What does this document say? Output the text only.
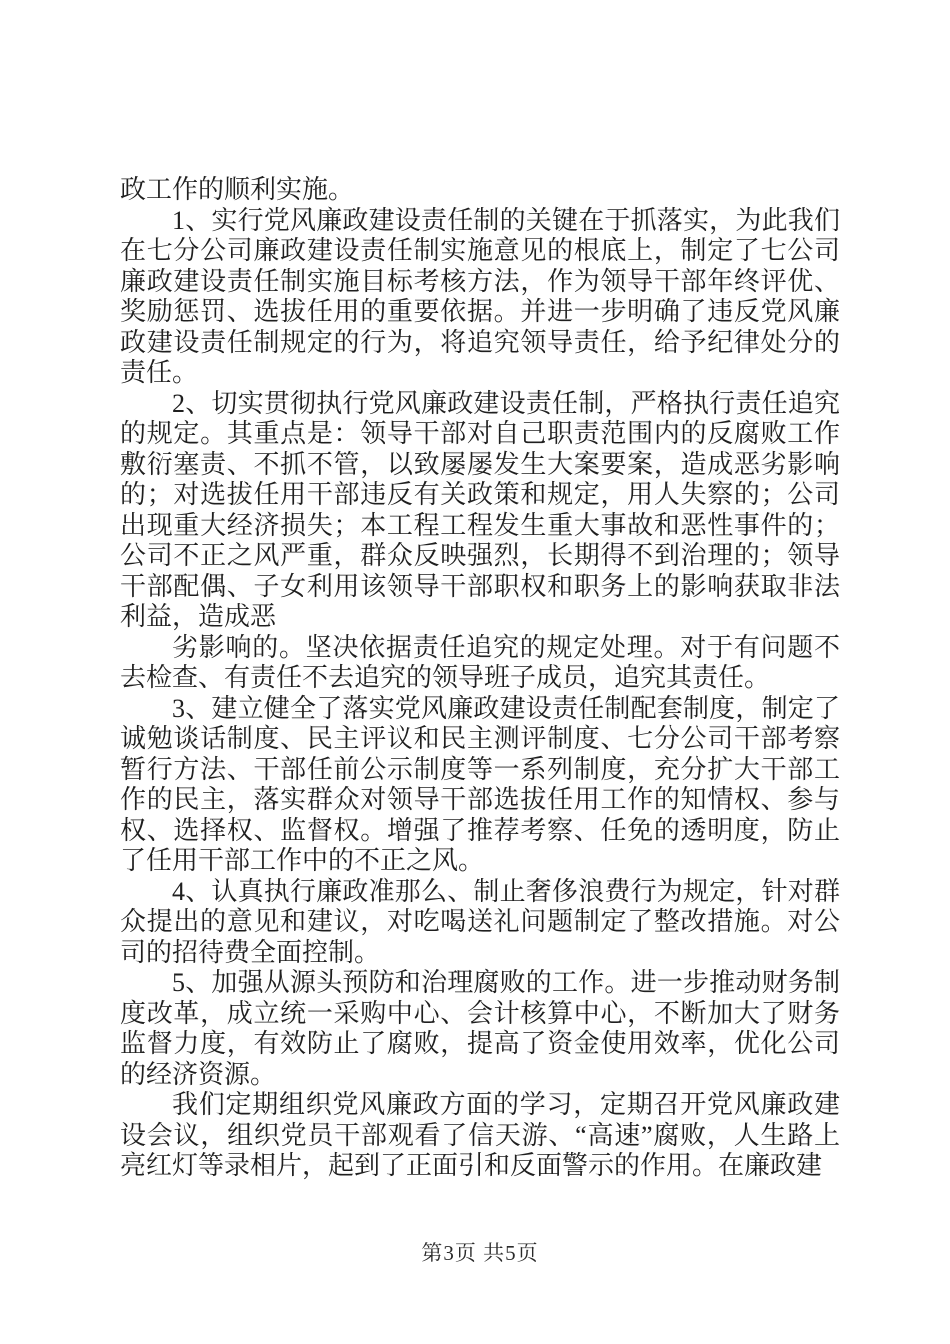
政工作的顺利实施。

1、实行党风廉政建设责任制的关键在于抓落实，为此我们在七分公司廉政建设责任制实施意见的根底上，制定了七公司廉政建设责任制实施目标考核方法，作为领导干部年终评优、奖励惩罚、选拔任用的重要依据。并进一步明确了违反党风廉政建设责任制规定的行为，将追究领导责任，给予纪律处分的责任。

2、切实贯彻执行党风廉政建设责任制，严格执行责任追究的规定。其重点是：领导干部对自己职责范围内的反腐败工作敷衍塞责、不抓不管，以致屡屡发生大案要案，造成恶劣影响的；对选拔任用干部违反有关政策和规定，用人失察的；公司出现重大经济损失；本工程工程发生重大事故和恶性事件的；公司不正之风严重，群众反映强烈，长期得不到治理的；领导干部配偶、子女利用该领导干部职权和职务上的影响获取非法利益，造成恶

劣影响的。坚决依据责任追究的规定处理。对于有问题不去检查、有责任不去追究的领导班子成员，追究其责任。

3、建立健全了落实党风廉政建设责任制配套制度，制定了诚勉谈话制度、民主评议和民主测评制度、七分公司干部考察暂行方法、干部任前公示制度等一系列制度，充分扩大干部工作的民主，落实群众对领导干部选拔任用工作的知情权、参与权、选择权、监督权。增强了推荐考察、任免的透明度，防止了任用干部工作中的不正之风。

4、认真执行廉政准那么、制止奢侈浪费行为规定，针对群众提出的意见和建议，对吃喝送礼问题制定了整改措施。对公司的招待费全面控制。

5、加强从源头预防和治理腐败的工作。进一步推动财务制度改革，成立统一采购中心、会计核算中心，不断加大了财务监督力度，有效防止了腐败，提高了资金使用效率，优化公司的经济资源。

我们定期组织党风廉政方面的学习，定期召开党风廉政建设会议，组织党员干部观看了信天游、“高速”腐败，人生路上亮红灯等录相片，起到了正面引和反面警示的作用。在廉政建

第3页 共5页
